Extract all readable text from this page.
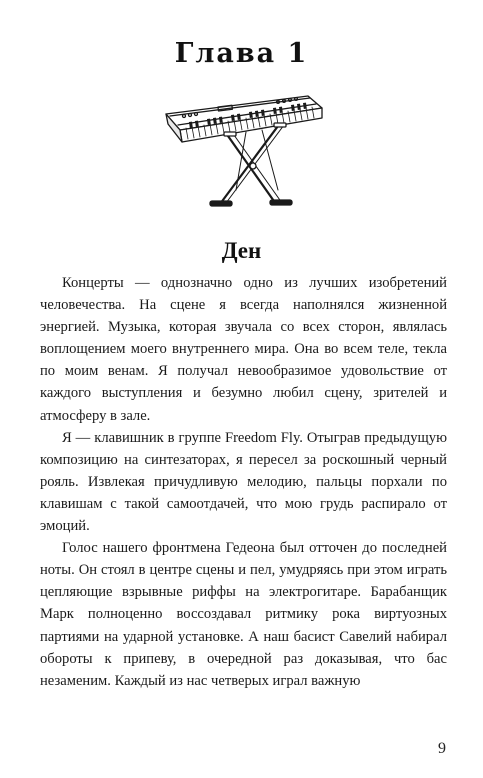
Глава 1
Ден

Концерты — однозначно одно из лучших изобретений человечества. На сцене я всегда наполнялся жизненной энергией. Музыка, которая звучала со всех сторон, являлась воплощением моего внутреннего мира. Она во всем теле, текла по моим венам. Я получал невообразимое удовольствие от каждого выступления и безумно любил сцену, зрителей и атмосферу в зале.

Я — клавишник в группе Freedom Fly. Отыграв предыдущую композицию на синтезаторах, я пересел за роскошный черный рояль. Извлекая причудливую мелодию, пальцы порхали по клавишам с такой самоотдачей, что мою грудь распирало от эмоций.

Голос нашего фронтмена Гедеона был отточен до последней ноты. Он стоял в центре сцены и пел, умудряясь при этом играть цепляющие взрывные риффы на электрогитаре. Барабанщик Марк полноценно воссоздавал ритмику рока виртуозных партиями на ударной установке. А наш басист Савелий набирал обороты к припеву, в очередной раз доказывая, что бас незаменим. Каждый из нас четверых играл важную

9
